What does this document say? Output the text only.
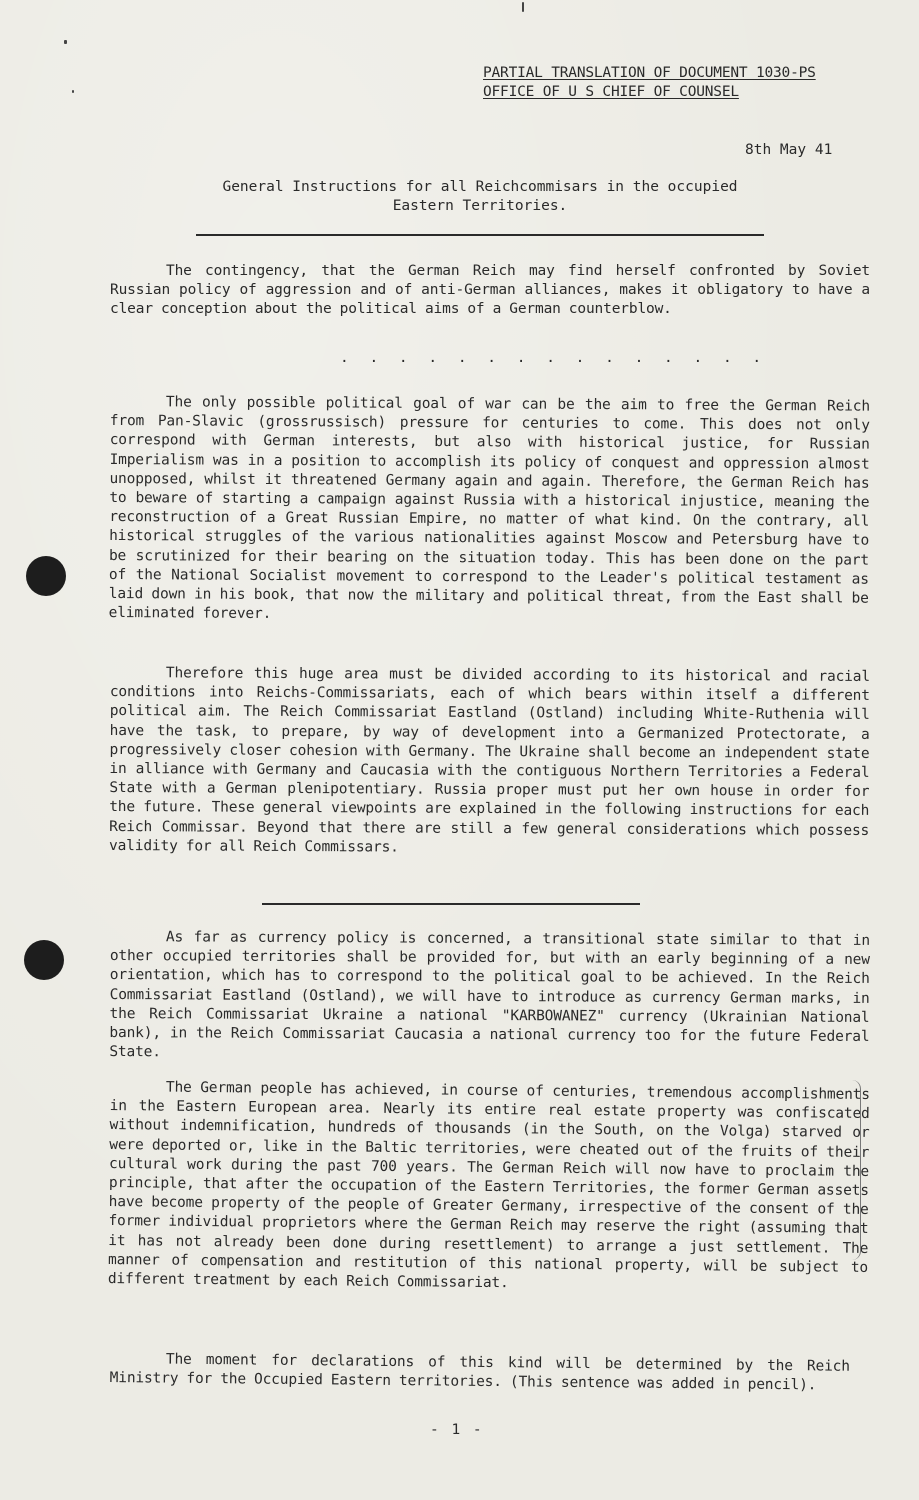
PARTIAL TRANSLATION OF DOCUMENT 1030-PS
OFFICE OF U S CHIEF OF COUNSEL
8th May 41
General Instructions for all Reichcommisars in the occupied
Eastern Territories.
The contingency, that the German Reich may find herself confronted by Soviet Russian policy of aggression and of anti-German alliances, makes it obligatory to have a clear conception about the political aims of a German counterblow.
. . . . . . . . . . . . . . .
The only possible political goal of war can be the aim to free the German Reich from Pan-Slavic (grossrussisch) pressure for centuries to come. This does not only correspond with German interests, but also with historical justice, for Russian Imperialism was in a position to accomplish its policy of conquest and oppression almost unopposed, whilst it threatened Germany again and again. Therefore, the German Reich has to beware of starting a campaign against Russia with a historical injustice, meaning the reconstruction of a Great Russian Empire, no matter of what kind. On the contrary, all historical struggles of the various nationalities against Moscow and Petersburg have to be scrutinized for their bearing on the situation today. This has been done on the part of the National Socialist movement to correspond to the Leader's political testament as laid down in his book, that now the military and political threat, from the East shall be eliminated forever.
Therefore this huge area must be divided according to its historical and racial conditions into Reichs-Commissariats, each of which bears within itself a different political aim. The Reich Commissariat Eastland (Ostland) including White-Ruthenia will have the task, to prepare, by way of development into a Germanized Protectorate, a progressively closer cohesion with Germany. The Ukraine shall become an independent state in alliance with Germany and Caucasia with the contiguous Northern Territories a Federal State with a German plenipotentiary. Russia proper must put her own house in order for the future. These general viewpoints are explained in the following instructions for each Reich Commissar. Beyond that there are still a few general considerations which possess validity for all Reich Commissars.
As far as currency policy is concerned, a transitional state similar to that in other occupied territories shall be provided for, but with an early beginning of a new orientation, which has to correspond to the political goal to be achieved. In the Reich Commissariat Eastland (Ostland), we will have to introduce as currency German marks, in the Reich Commissariat Ukraine a national "KARBOWANEZ" currency (Ukrainian National bank), in the Reich Commissariat Caucasia a national currency too for the future Federal State.
The German people has achieved, in course of centuries, tremendous accomplishments in the Eastern European area. Nearly its entire real estate property was confiscated without indemnification, hundreds of thousands (in the South, on the Volga) starved or were deported or, like in the Baltic territories, were cheated out of the fruits of their cultural work during the past 700 years. The German Reich will now have to proclaim the principle, that after the occupation of the Eastern Territories, the former German assets have become property of the people of Greater Germany, irrespective of the consent of the former individual proprietors where the German Reich may reserve the right (assuming that it has not already been done during resettlement) to arrange a just settlement. The manner of compensation and restitution of this national property, will be subject to different treatment by each Reich Commissariat.
The moment for declarations of this kind will be determined by the Reich Ministry for the Occupied Eastern territories. (This sentence was added in pencil).
- 1 -
